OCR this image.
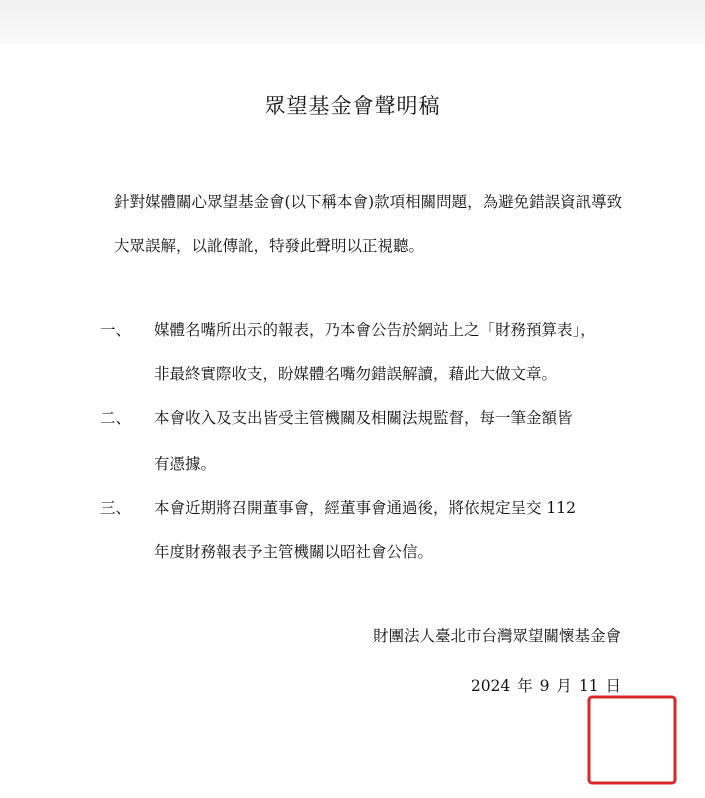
眾望基金會聲明稿
針對媒體關心眾望基金會(以下稱本會)款項相關問題，為避免錯誤資訊導致大眾誤解，以訛傳訛，特發此聲明以正視聽。
一、	媒體名嘴所出示的報表，乃本會公告於網站上之「財務預算表」，
非最終實際收支，盼媒體名嘴勿錯誤解讀，藉此大做文章。
二、	本會收入及支出皆受主管機關及相關法規監督，每一筆金額皆
有憑據。
三、	本會近期將召開董事會，經董事會通過後，將依規定呈交 112
年度財務報表予主管機關以昭社會公信。
財團法人臺北市台灣眾望關懷基金會
2024 年 9 月 11 日
